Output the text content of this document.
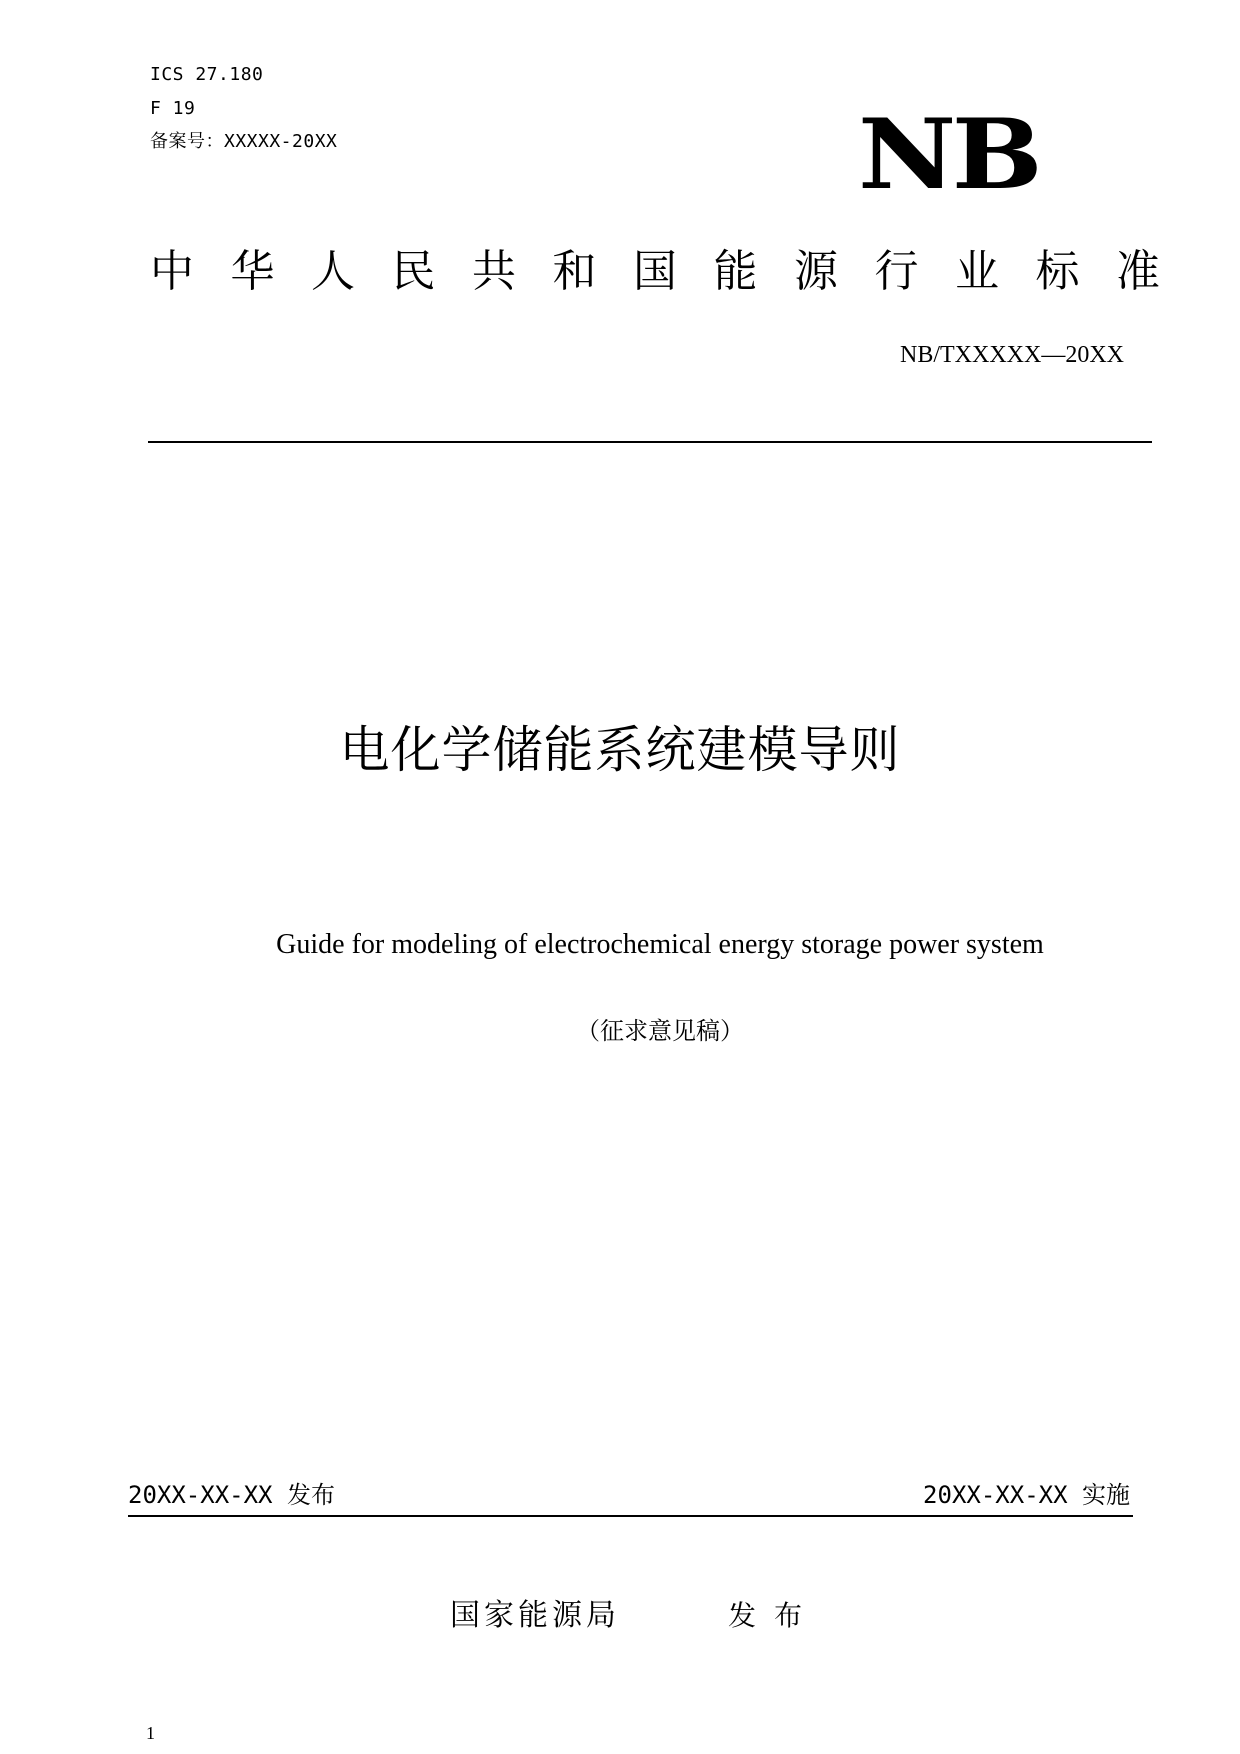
ICS 27.180
F 19
备案号：XXXXX-20XX	NB
中 华 人 民 共 和 国 能 源 行 业 标 准
NB/TXXXXX—20XX
电化学储能系统建模导则
Guide for modeling of electrochemical energy storage power system
（征求意见稿）
20XX-XX-XX 发布	20XX-XX-XX 实施
国家能源局	发布
1
